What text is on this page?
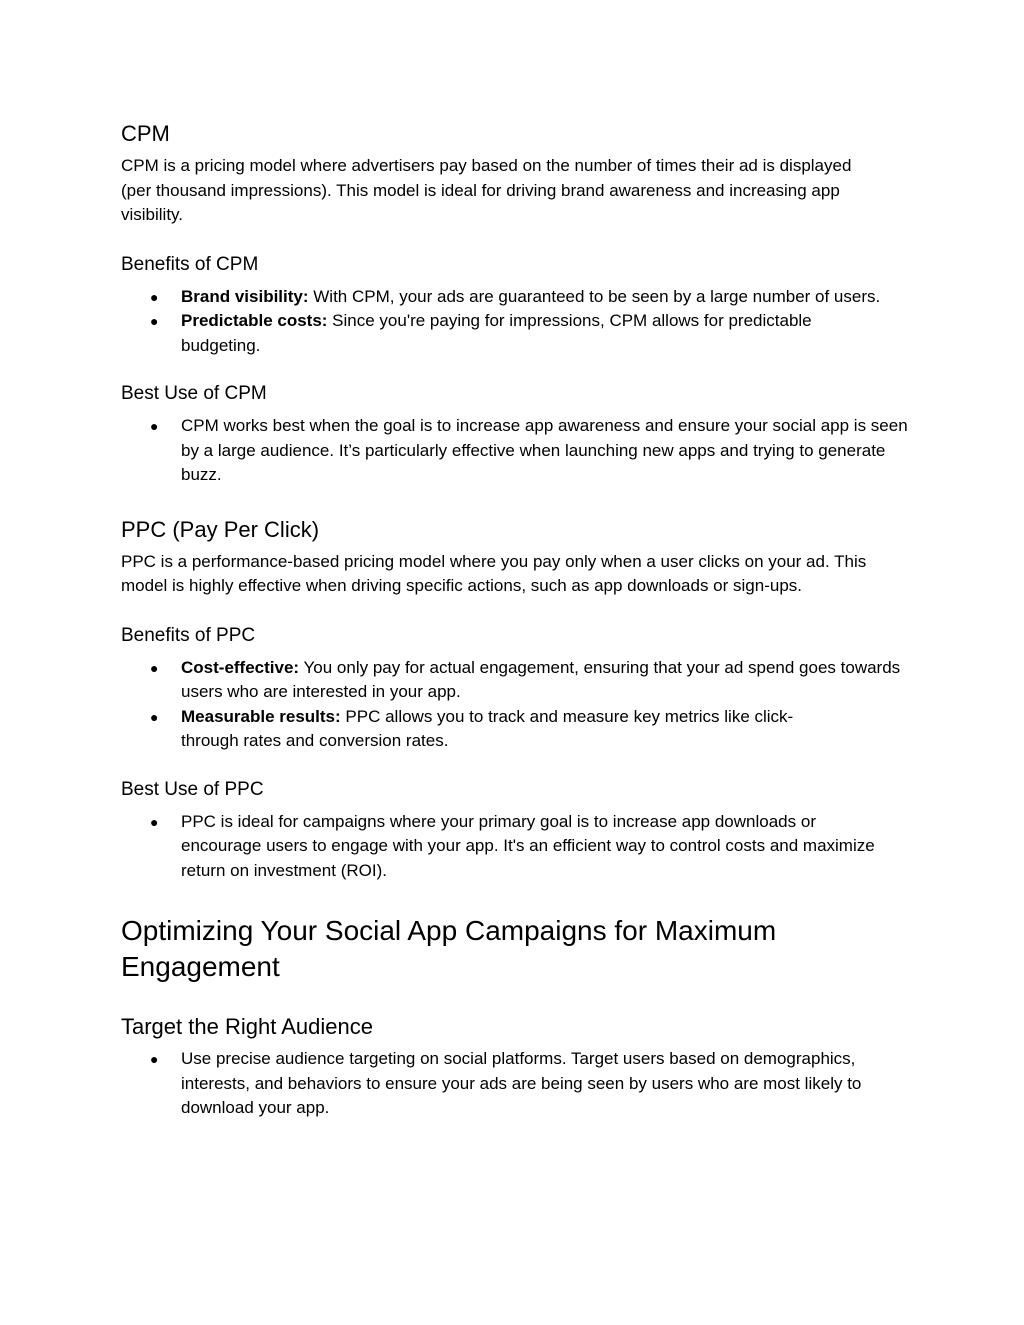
CPM

CPM is a pricing model where advertisers pay based on the number of times their ad is displayed (per thousand impressions). This model is ideal for driving brand awareness and increasing app visibility.

Benefits of CPM
● Brand visibility: With CPM, your ads are guaranteed to be seen by a large number of users.
● Predictable costs: Since you're paying for impressions, CPM allows for predictable budgeting.
Best Use of CPM
● CPM works best when the goal is to increase app awareness and ensure your social app is seen by a large audience. It’s particularly effective when launching new apps and trying to generate buzz.
PPC (Pay Per Click)

PPC is a performance-based pricing model where you pay only when a user clicks on your ad. This model is highly effective when driving specific actions, such as app downloads or sign-ups.

Benefits of PPC
● Cost-effective: You only pay for actual engagement, ensuring that your ad spend goes towards users who are interested in your app.
● Measurable results: PPC allows you to track and measure key metrics like click-through rates and conversion rates.
Best Use of PPC
● PPC is ideal for campaigns where your primary goal is to increase app downloads or encourage users to engage with your app. It's an efficient way to control costs and maximize return on investment (ROI).
Optimizing Your Social App Campaigns for Maximum Engagement
Target the Right Audience
● Use precise audience targeting on social platforms. Target users based on demographics, interests, and behaviors to ensure your ads are being seen by users who are most likely to download your app.
